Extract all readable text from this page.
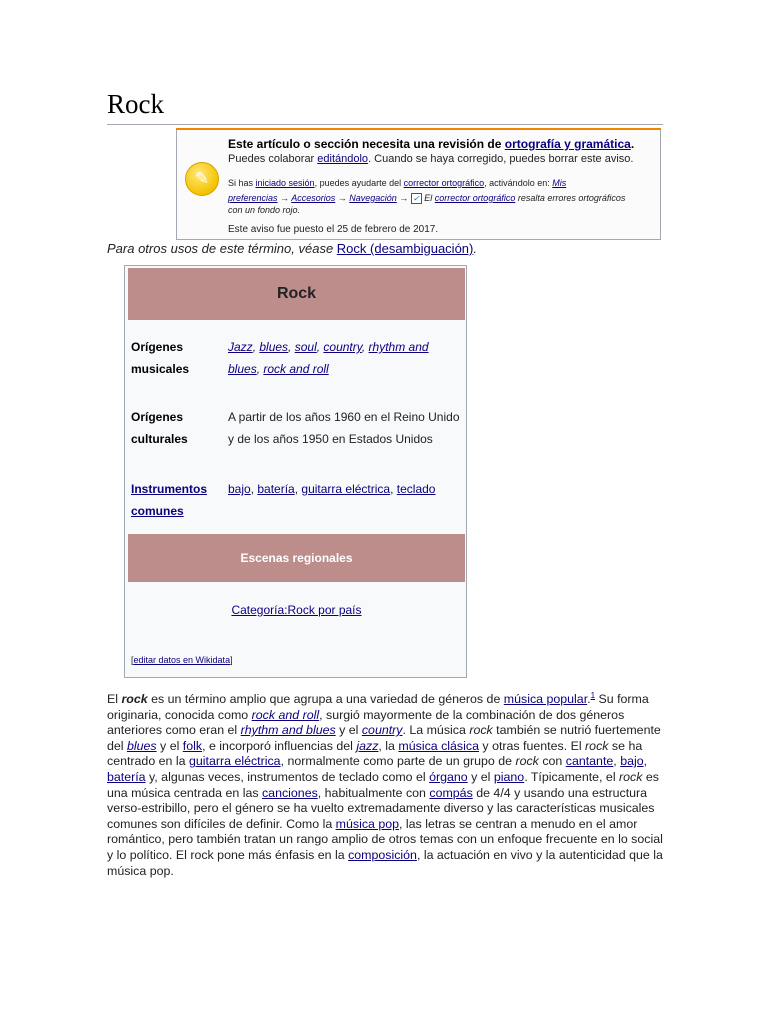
Rock
✎
Este artículo o sección necesita una revisión de ortografía y gramática.
Puedes colaborar editándolo. Cuando se haya corregido, puedes borrar este aviso.
Si has iniciado sesión, puedes ayudarte del corrector ortográfico, activándolo en: Mis
preferencias → Accesorios → Navegación → ✓ El corrector ortográfico resalta errores ortográficos
con un fondo rojo.
Este aviso fue puesto el 25 de febrero de 2017.
Para otros usos de este término, véase Rock (desambiguación).
Rock
Orígenes musicales
Jazz, blues, soul, country, rhythm and blues, rock and roll
Orígenes culturales
A partir de los años 1960 en el Reino Unido y de los años 1950 en Estados Unidos
Instrumentos comunes
bajo, batería, guitarra eléctrica, teclado
Escenas regionales
Categoría:Rock por país
[editar datos en Wikidata]

El rock es un término amplio que agrupa a una variedad de géneros de música popular.$^1$ Su forma originaria, conocida como rock and roll, surgió mayormente de la combinación de dos géneros anteriores como eran el rhythm and blues y el country. La música rock también se nutrió fuertemente del blues y el folk, e incorporó influencias del jazz, la música clásica y otras fuentes. El rock se ha centrado en la guitarra eléctrica, normalmente como parte de un grupo de rock con cantante, bajo, batería y, algunas veces, instrumentos de teclado como el órgano y el piano. Típicamente, el rock es una música centrada en las canciones, habitualmente con compás de 4/4 y usando una estructura verso-estribillo, pero el género se ha vuelto extremadamente diverso y las características musicales comunes son difíciles de definir. Como la música pop, las letras se centran a menudo en el amor romántico, pero también tratan un rango amplio de otros temas con un enfoque frecuente en lo social y lo político. El rock pone más énfasis en la composición, la actuación en vivo y la autenticidad que la música pop.
